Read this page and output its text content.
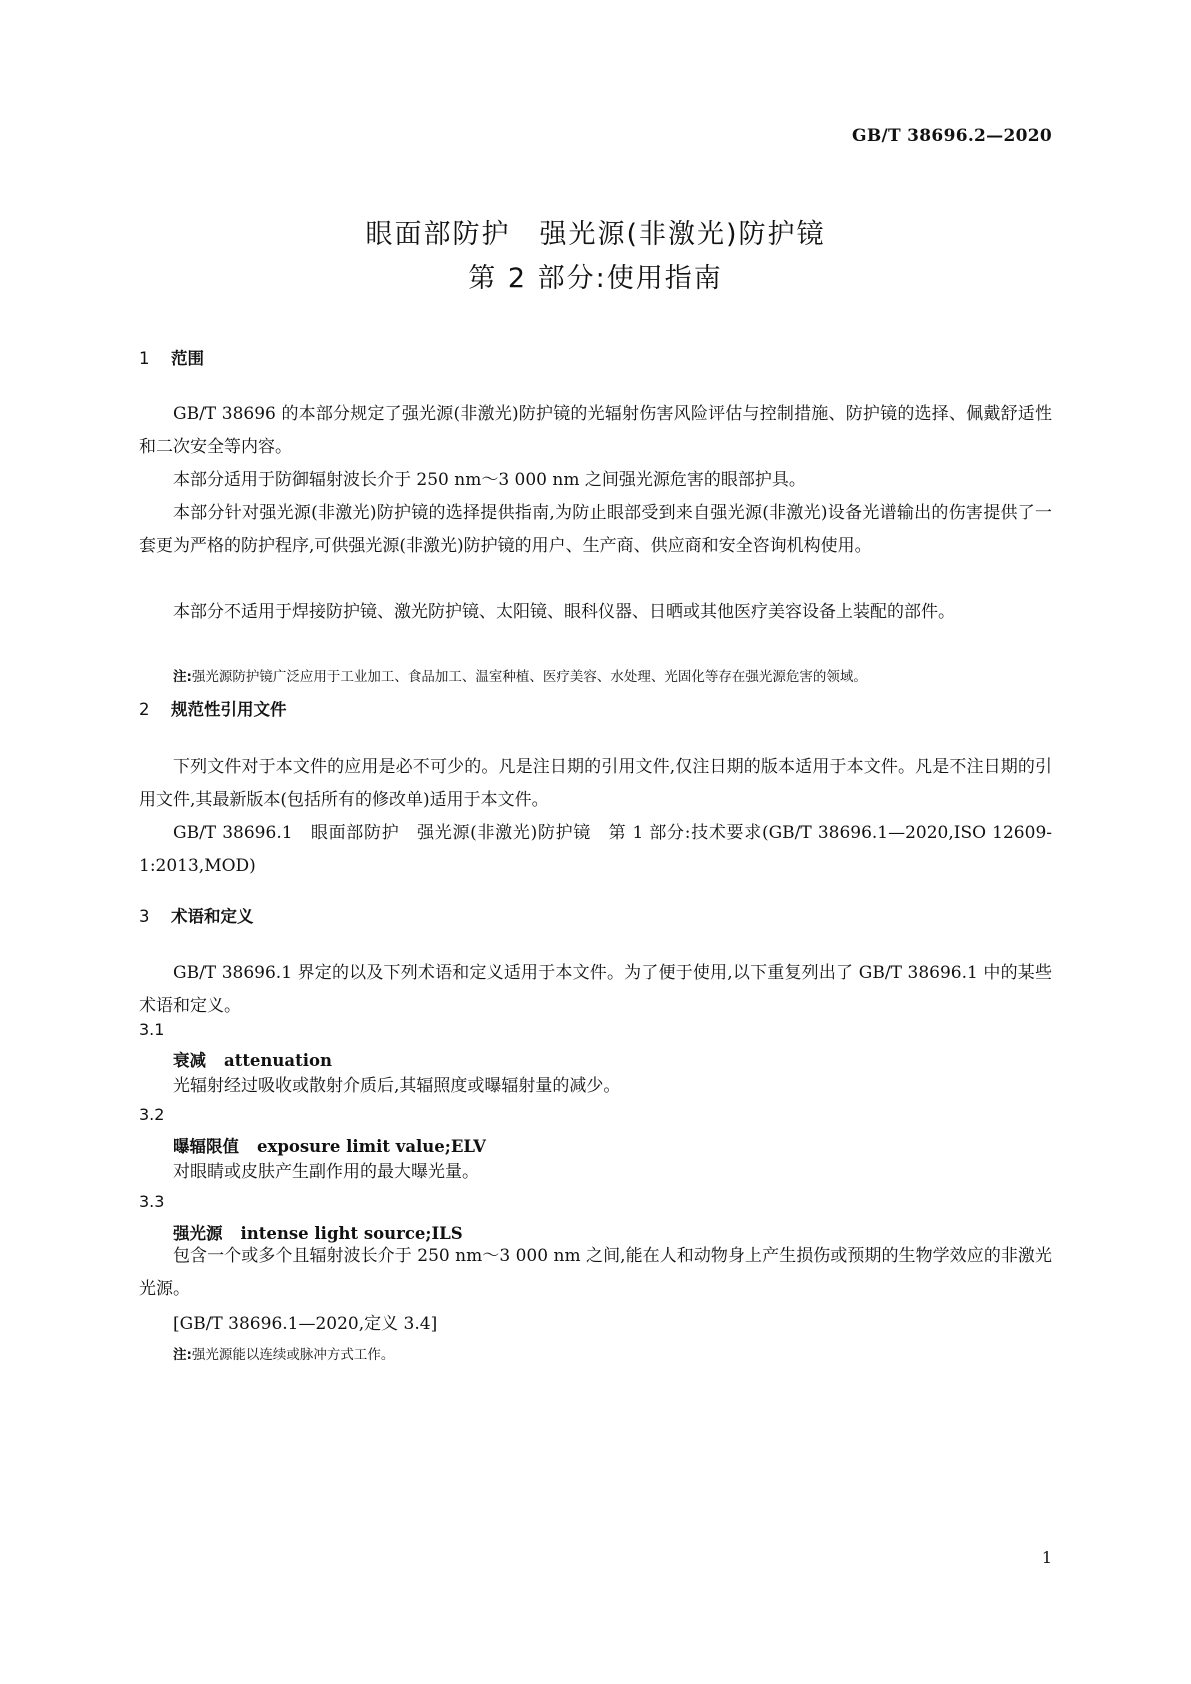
GB/T 38696.2—2020
眼面部防护　强光源(非激光)防护镜
第 2 部分:使用指南
1 范围
GB/T 38696 的本部分规定了强光源(非激光)防护镜的光辐射伤害风险评估与控制措施、防护镜的选择、佩戴舒适性和二次安全等内容。
本部分适用于防御辐射波长介于 250 nm～3 000 nm 之间强光源危害的眼部护具。
本部分针对强光源(非激光)防护镜的选择提供指南,为防止眼部受到来自强光源(非激光)设备光谱输出的伤害提供了一套更为严格的防护程序,可供强光源(非激光)防护镜的用户、生产商、供应商和安全咨询机构使用。
本部分不适用于焊接防护镜、激光防护镜、太阳镜、眼科仪器、日晒或其他医疗美容设备上装配的部件。
注:强光源防护镜广泛应用于工业加工、食品加工、温室种植、医疗美容、水处理、光固化等存在强光源危害的领域。
2 规范性引用文件
下列文件对于本文件的应用是必不可少的。凡是注日期的引用文件,仅注日期的版本适用于本文件。凡是不注日期的引用文件,其最新版本(包括所有的修改单)适用于本文件。
GB/T 38696.1　眼面部防护　强光源(非激光)防护镜　第 1 部分:技术要求(GB/T 38696.1—2020,ISO 12609-1:2013,MOD)
3 术语和定义
GB/T 38696.1 界定的以及下列术语和定义适用于本文件。为了便于使用,以下重复列出了 GB/T 38696.1 中的某些术语和定义。
3.1
衰减 attenuation
光辐射经过吸收或散射介质后,其辐照度或曝辐射量的减少。
3.2
曝辐限值 exposure limit value;ELV
对眼睛或皮肤产生副作用的最大曝光量。
3.3
强光源 intense light source;ILS
包含一个或多个且辐射波长介于 250 nm～3 000 nm 之间,能在人和动物身上产生损伤或预期的生物学效应的非激光光源。
[GB/T 38696.1—2020,定义 3.4]
注:强光源能以连续或脉冲方式工作。
1
